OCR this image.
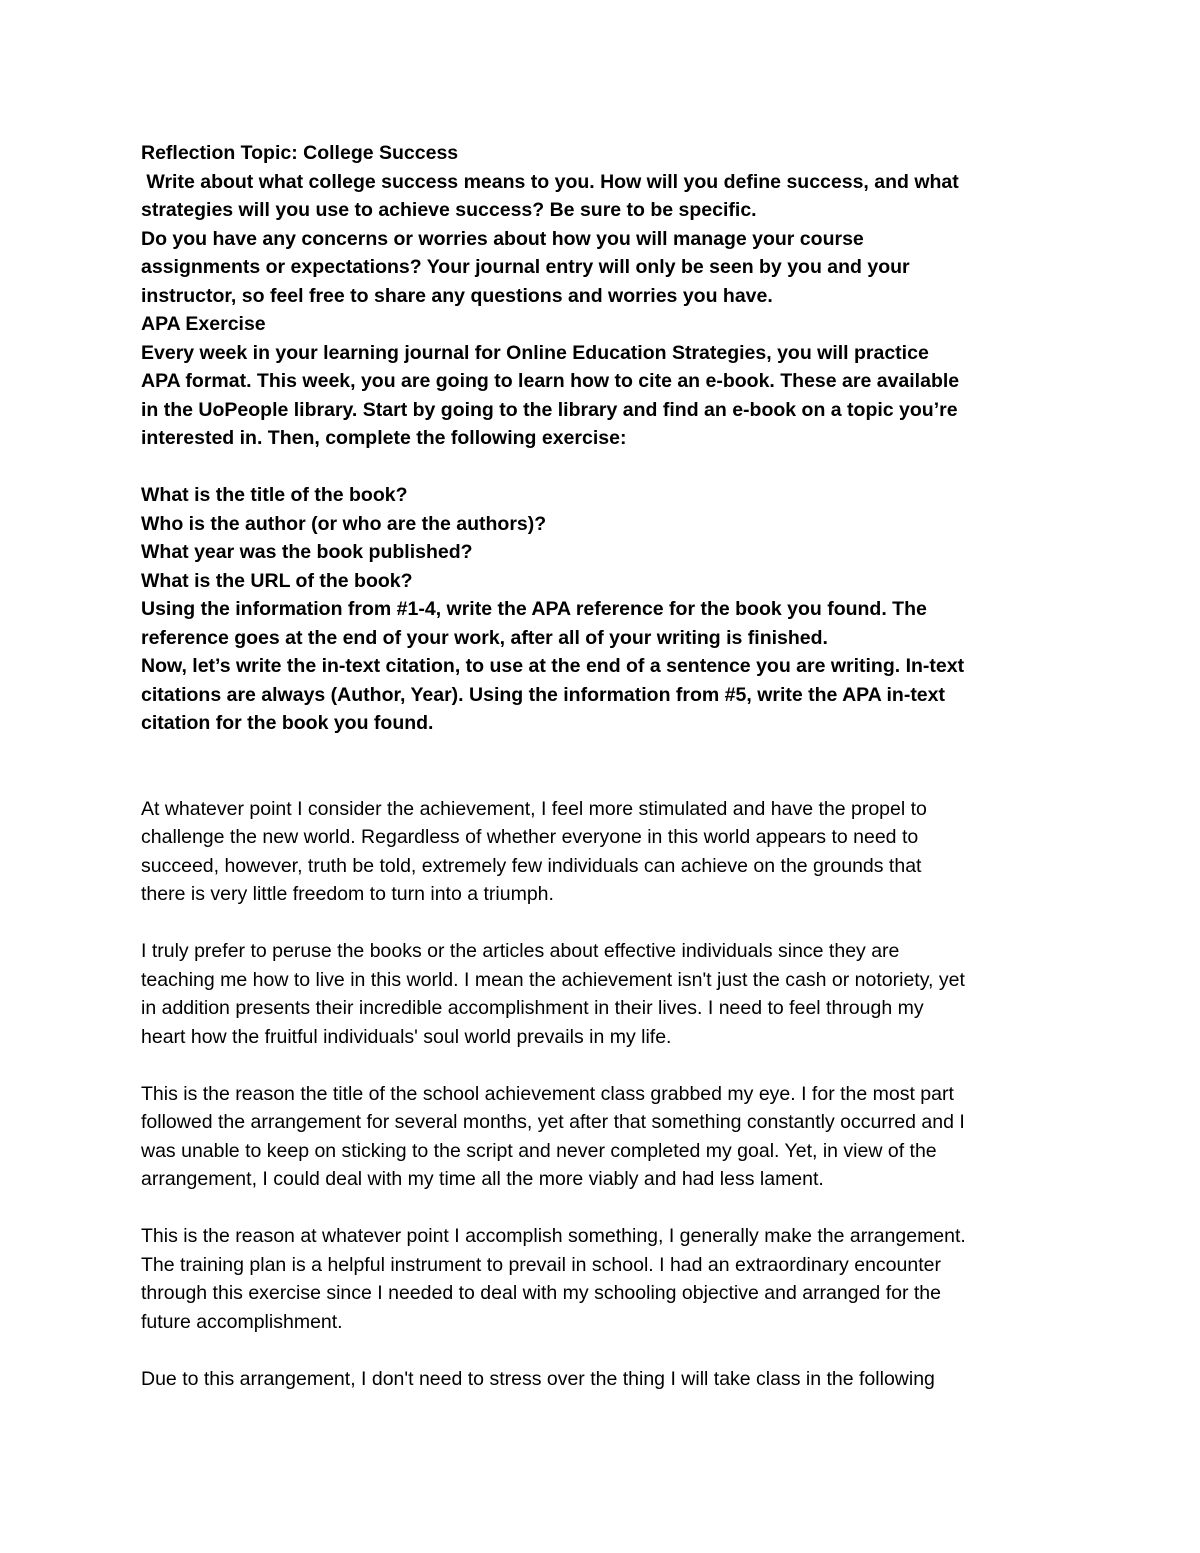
Reflection Topic: College Success
Write about what college success means to you. How will you define success, and what
strategies will you use to achieve success? Be sure to be specific.
Do you have any concerns or worries about how you will manage your course
assignments or expectations? Your journal entry will only be seen by you and your
instructor, so feel free to share any questions and worries you have.
APA Exercise
Every week in your learning journal for Online Education Strategies, you will practice
APA format. This week, you are going to learn how to cite an e-book. These are available
in the UoPeople library. Start by going to the library and find an e-book on a topic you’re
interested in. Then, complete the following exercise:
What is the title of the book?
Who is the author (or who are the authors)?
What year was the book published?
What is the URL of the book?
Using the information from #1-4, write the APA reference for the book you found. The
reference goes at the end of your work, after all of your writing is finished.
Now, let’s write the in-text citation, to use at the end of a sentence you are writing. In-text
citations are always (Author, Year). Using the information from #5, write the APA in-text
citation for the book you found.
At whatever point I consider the achievement, I feel more stimulated and have the propel to
challenge the new world. Regardless of whether everyone in this world appears to need to
succeed, however, truth be told, extremely few individuals can achieve on the grounds that
there is very little freedom to turn into a triumph.
I truly prefer to peruse the books or the articles about effective individuals since they are
teaching me how to live in this world. I mean the achievement isn't just the cash or notoriety, yet
in addition presents their incredible accomplishment in their lives. I need to feel through my
heart how the fruitful individuals' soul world prevails in my life.
This is the reason the title of the school achievement class grabbed my eye. I for the most part
followed the arrangement for several months, yet after that something constantly occurred and I
was unable to keep on sticking to the script and never completed my goal. Yet, in view of the
arrangement, I could deal with my time all the more viably and had less lament.
This is the reason at whatever point I accomplish something, I generally make the arrangement.
The training plan is a helpful instrument to prevail in school. I had an extraordinary encounter
through this exercise since I needed to deal with my schooling objective and arranged for the
future accomplishment.
Due to this arrangement, I don't need to stress over the thing I will take class in the following
